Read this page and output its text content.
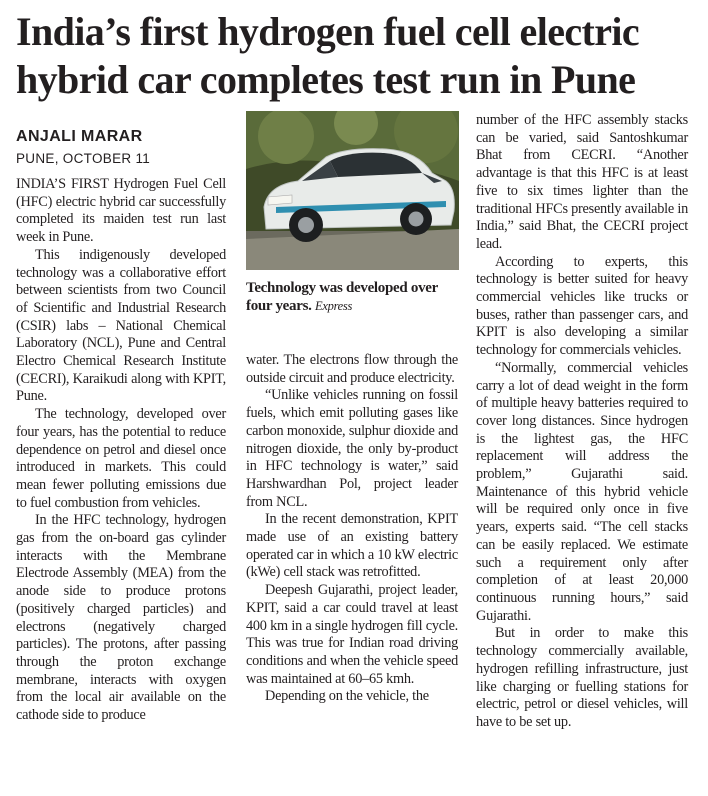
India’s first hydrogen fuel cell electric
hybrid car completes test run in Pune
ANJALI MARAR
PUNE, OCTOBER 11

INDIA’S FIRST Hydrogen Fuel Cell (HFC) electric hybrid car successfully completed its maiden test run last week in Pune.

This indigenously developed technology was a collaborative effort between scientists from two Council of Scientific and Industrial Research (CSIR) labs – National Chemical Laboratory (NCL), Pune and Central Electro Chemical Research Institute (CECRI), Karaikudi along with KPIT, Pune.

The technology, developed over four years, has the potential to reduce dependence on petrol and diesel once introduced in markets. This could mean fewer polluting emissions due to fuel combustion from vehicles.

In the HFC technology, hydrogen gas from the on-board gas cylinder interacts with the Membrane Electrode Assembly (MEA) from the anode side to produce protons (positively charged particles) and electrons (negatively charged particles). The protons, after passing through the proton exchange membrane, interacts with oxygen from the local air available on the cathode side to produce

Technology was developed over four years. Express

water. The electrons flow through the outside circuit and produce electricity.

“Unlike vehicles running on fossil fuels, which emit polluting gases like carbon monoxide, sulphur dioxide and nitrogen dioxide, the only by-product in HFC technology is water,” said Harshwardhan Pol, project leader from NCL.

In the recent demonstration, KPIT made use of an existing battery operated car in which a 10 kW electric (kWe) cell stack was retrofitted.

Deepesh Gujarathi, project leader, KPIT, said a car could travel at least 400 km in a single hydrogen fill cycle. This was true for Indian road driving conditions and when the vehicle speed was maintained at 60–65 kmh.

Depending on the vehicle, the

number of the HFC assembly stacks can be varied, said Santoshkumar Bhat from CECRI. “Another advantage is that this HFC is at least five to six times lighter than the traditional HFCs presently available in India,” said Bhat, the CECRI project lead.

According to experts, this technology is better suited for heavy commercial vehicles like trucks or buses, rather than passenger cars, and KPIT is also developing a similar technology for commercials vehicles.

“Normally, commercial vehicles carry a lot of dead weight in the form of multiple heavy batteries required to cover long distances. Since hydrogen is the lightest gas, the HFC replacement will address the problem,” Gujarathi said. Maintenance of this hybrid vehicle will be required only once in five years, experts said. “The cell stacks can be easily replaced. We estimate such a requirement only after completion of at least 20,000 continuous running hours,” said Gujarathi.

But in order to make this technology commercially available, hydrogen refilling infrastructure, just like charging or fuelling stations for electric, petrol or diesel vehicles, will have to be set up.
